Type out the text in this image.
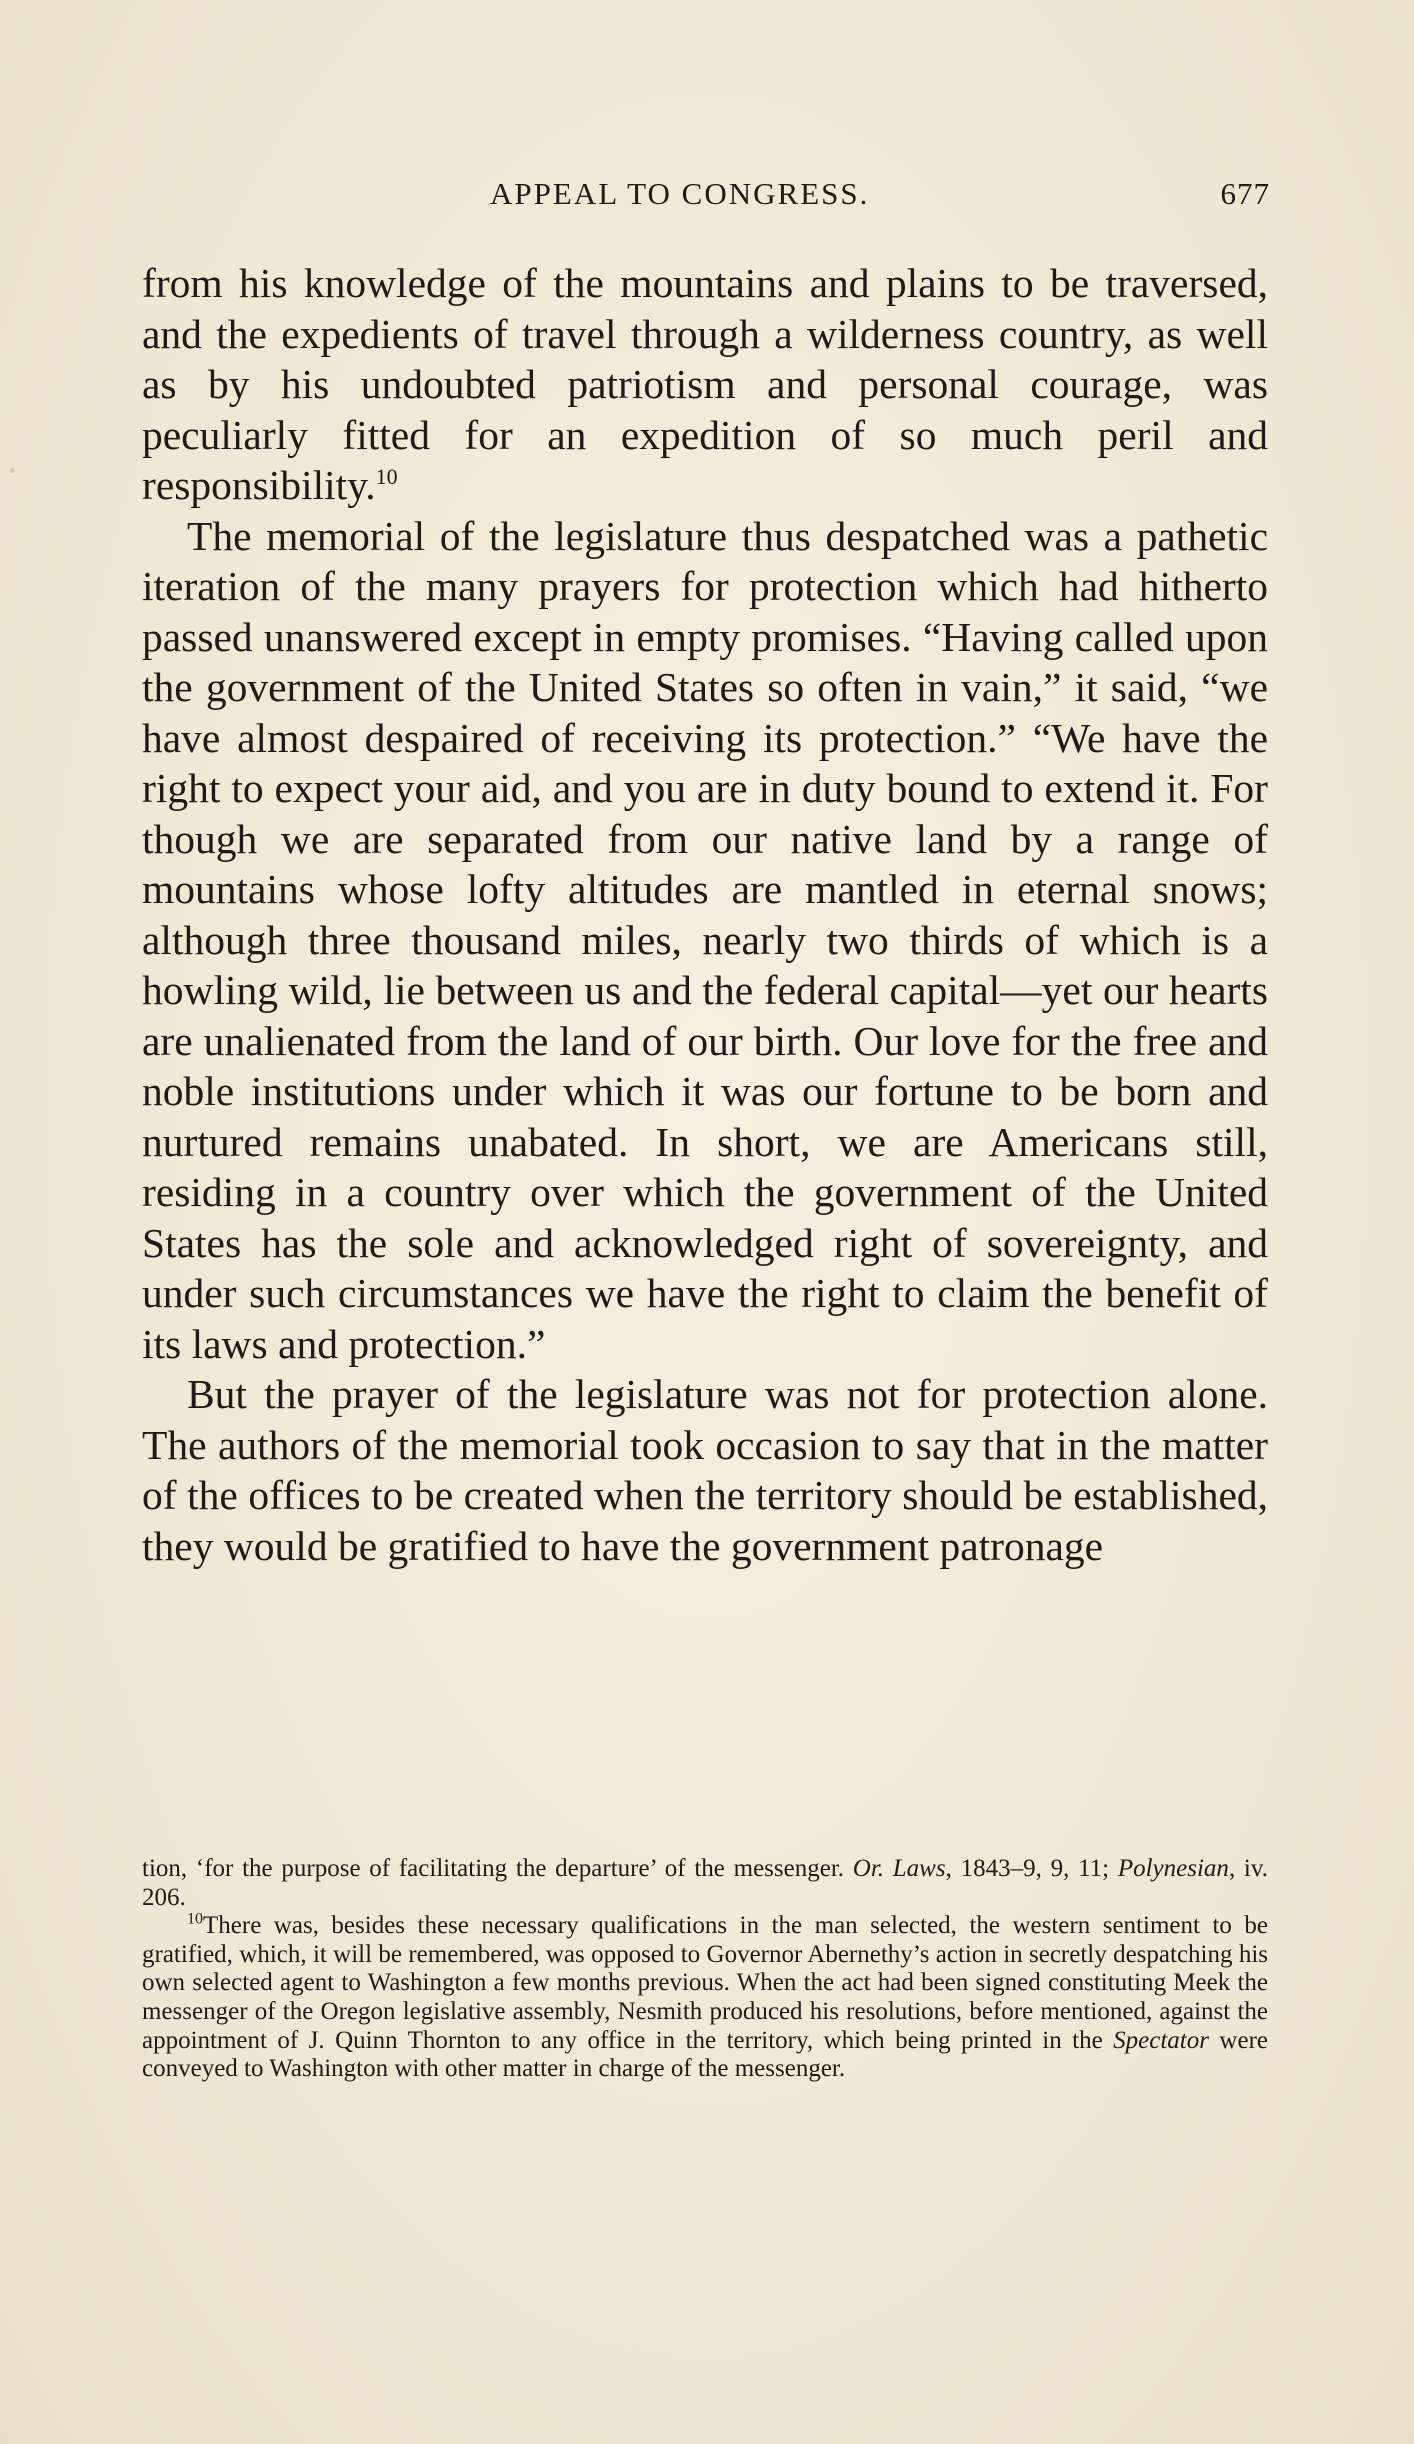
APPEAL TO CONGRESS.	677

from his knowledge of the mountains and plains to be traversed, and the expedients of travel through a wilderness country, as well as by his undoubted patriotism and personal courage, was peculiarly fitted for an expedition of so much peril and responsibility.$^{10}$

The memorial of the legislature thus despatched was a pathetic iteration of the many prayers for protection which had hitherto passed unanswered except in empty promises. “Having called upon the government of the United States so often in vain,” it said, “we have almost despaired of receiving its protection.” “We have the right to expect your aid, and you are in duty bound to extend it. For though we are separated from our native land by a range of mountains whose lofty altitudes are mantled in eternal snows; although three thousand miles, nearly two thirds of which is a howling wild, lie between us and the federal capital—yet our hearts are unalienated from the land of our birth. Our love for the free and noble institutions under which it was our fortune to be born and nurtured remains unabated. In short, we are Americans still, residing in a country over which the government of the United States has the sole and acknowledged right of sovereignty, and under such circumstances we have the right to claim the benefit of its laws and protection.”

But the prayer of the legislature was not for protection alone. The authors of the memorial took occasion to say that in the matter of the offices to be created when the territory should be established, they would be gratified to have the government patronage

tion, ‘for the purpose of facilitating the departure’ of the messenger. Or. Laws, 1843–9, 9, 11; Polynesian, iv. 206.

$^{10}$There was, besides these necessary qualifications in the man selected, the western sentiment to be gratified, which, it will be remembered, was opposed to Governor Abernethy’s action in secretly despatching his own selected agent to Washington a few months previous. When the act had been signed constituting Meek the messenger of the Oregon legislative assembly, Nesmith produced his resolutions, before mentioned, against the appointment of J. Quinn Thornton to any office in the territory, which being printed in the Spectator were conveyed to Washington with other matter in charge of the messenger.
